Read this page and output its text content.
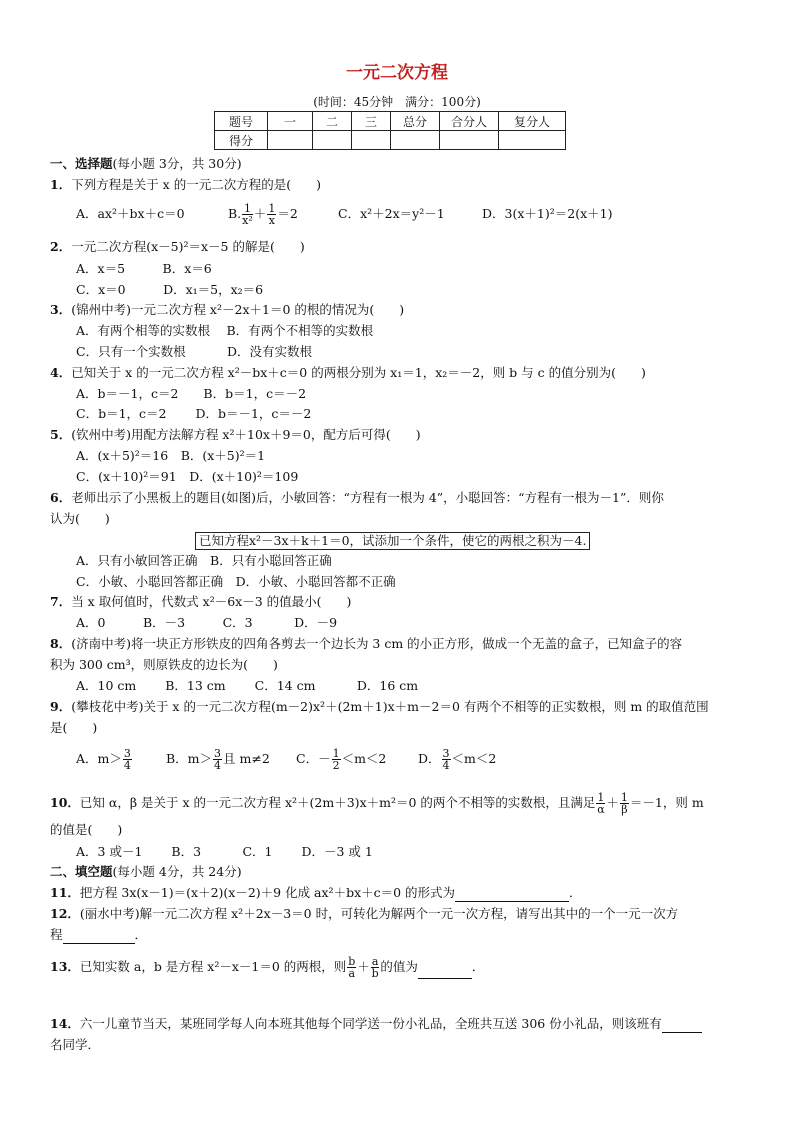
一元二次方程
(时间：45分钟　满分：100分)
题号	一	二	三	总分	合分人	复分人
得分						
一、选择题(每小题 3分，共 30分)
1．下列方程是关于 x 的一元二次方程的是(　　)
A．ax²＋bx＋c＝0	B. $\frac{1}{\text{x²}} + \frac{1}{x} =2$	C．x²＋2x＝y²－1	D．3(x＋1)²＝2(x＋1)
2．一元二次方程(x－5)²＝x－5 的解是(　　)
A．x＝5　　　B．x＝6
C．x＝0　　　D．x₁＝5，x₂＝6
3．(锦州中考)一元二次方程 x²－2x＋1＝0 的根的情况为(　　)
A．有两个相等的实数根　 B．有两个不相等的实数根
C．只有一个实数根　　　 D．没有实数根
4．已知关于 x 的一元二次方程 x²－bx＋c＝0 的两根分别为 x₁＝1，x₂＝－2，则 b 与 c 的值分别为(　　)
A．b＝－1，c＝2　　B．b＝1，c＝－2
C．b＝1，c＝2　　 D．b＝－1，c＝－2
5．(钦州中考)用配方法解方程 x²＋10x＋9＝0，配方后可得(　　)
A．(x＋5)²＝16　B．(x＋5)²＝1
C．(x＋10)²＝91　D．(x＋10)²＝109
6．老师出示了小黑板上的题目(如图)后，小敏回答：“方程有一根为 4”，小聪回答：“方程有一根为－1”．则你
认为(　　)
已知方程x²－3x＋k＋1＝0，试添加一个条件，使它的两根之积为－4.
A．只有小敏回答正确　B．只有小聪回答正确
C．小敏、小聪回答都正确　D．小敏、小聪回答都不正确
7．当 x 取何值时，代数式 x²－6x－3 的值最小(　　)
A．0　　　B．－3　　　C．3　　　 D．－9
8．(济南中考)将一块正方形铁皮的四角各剪去一个边长为 3 cm 的小正方形，做成一个无盖的盒子，已知盒子的容
积为 300 cm³，则原铁皮的边长为(　　)
A．10 cm　　 B．13 cm　　 C．14 cm　　　 D．16 cm
9．(攀枝花中考)关于 x 的一元二次方程(m－2)x²＋(2m＋1)x＋m－2＝0 有两个不相等的正实数根，则 m 的取值范围
是(　　)
A．$m> \frac{3}{4}$	B．$m> \frac{3}{4}$ 且 m≠2 C．－ $\frac{1}{2} <m<2$	D． $\frac{3}{4} <m<2$
10．已知 α，β 是关于 x 的一元二次方程 x²＋(2m＋3)x＋m²＝0 的两个不相等的实数根，且满足 $\frac{1}{\alpha} + \frac{1}{\beta} =-1$，则 m
的值是(　　)
A．3 或－1　　 B．3　　　 C．1　　 D．－3 或 1
二、填空题(每小题 4分，共 24分)
11．把方程 3x(x－1)＝(x＋2)(x－2)＋9 化成 ax²＋bx＋c＝0 的形式为	．
12．(丽水中考)解一元二次方程 x²＋2x－3＝0 时，可转化为解两个一元一次方程，请写出其中的一个一元一次方
程	．
13．已知实数 a，b 是方程 x²－x－1＝0 的两根，则 $\frac{b}{a} + \frac{a}{b}$ 的值为	．
14．六一儿童节当天，某班同学每人向本班其他每个同学送一份小礼品，全班共互送 306 份小礼品，则该班有
名同学．
